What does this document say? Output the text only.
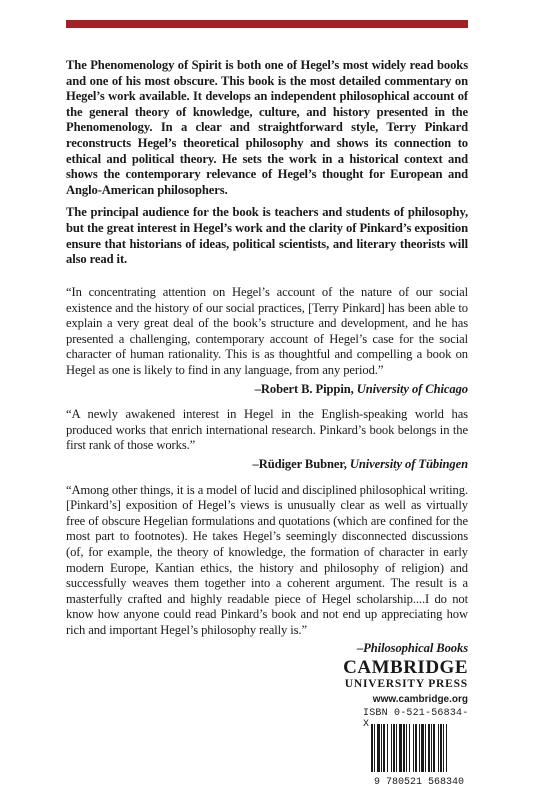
The Phenomenology of Spirit is both one of Hegel’s most widely read books and one of his most obscure. This book is the most detailed commentary on Hegel’s work available. It develops an independent philosophical account of the general theory of knowledge, culture, and history presented in the Phenomenology. In a clear and straightforward style, Terry Pinkard reconstructs Hegel’s theoretical philosophy and shows its connection to ethical and political theory. He sets the work in a historical context and shows the contemporary relevance of Hegel’s thought for European and Anglo-American philosophers.

The principal audience for the book is teachers and students of philosophy, but the great interest in Hegel’s work and the clarity of Pinkard’s exposition ensure that historians of ideas, political scientists, and literary theorists will also read it.

“In concentrating attention on Hegel’s account of the nature of our social existence and the history of our social practices, [Terry Pinkard] has been able to explain a very great deal of the book’s structure and development, and he has presented a challenging, contemporary account of Hegel’s case for the social character of human rationality. This is as thoughtful and compelling a book on Hegel as one is likely to find in any language, from any period.”

–Robert B. Pippin, University of Chicago

“A newly awakened interest in Hegel in the English-speaking world has produced works that enrich international research. Pinkard’s book belongs in the first rank of those works.”

–Rüdiger Bubner, University of Tübingen

“Among other things, it is a model of lucid and disciplined philosophical writing. [Pinkard’s] exposition of Hegel’s views is unusually clear as well as virtually free of obscure Hegelian formulations and quotations (which are confined for the most part to footnotes). He takes Hegel’s seemingly disconnected discussions (of, for example, the theory of knowledge, the formation of character in early modern Europe, Kantian ethics, the history and philosophy of religion) and successfully weaves them together into a coherent argument. The result is a masterfully crafted and highly readable piece of Hegel scholarship....I do not know how anyone could read Pinkard’s book and not end up appreciating how rich and important Hegel’s philosophy really is.”

–Philosophical Books
CAMBRIDGE
UNIVERSITY PRESS
www.cambridge.org
ISBN 0-521-56834-X
9 780521 568340
